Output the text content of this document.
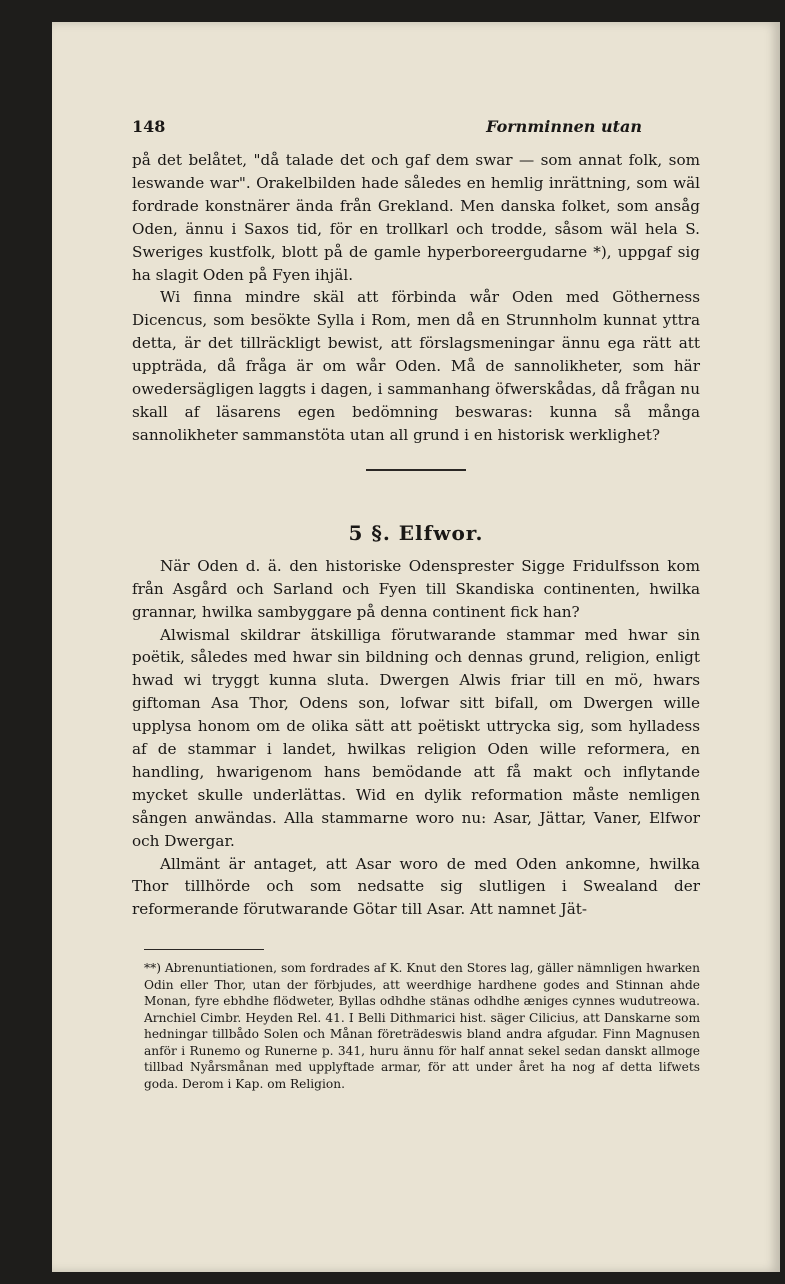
148	Fornminnen utan

på det belåtet, "då talade det och gaf dem swar — som annat folk, som leswande war". Orakelbilden hade således en hemlig inrättning, som wäl fordrade konstnärer ända från Grekland. Men danska folket, som ansåg Oden, ännu i Saxos tid, för en trollkarl och trodde, såsom wäl hela S. Sweriges kustfolk, blott på de gamle hyperboreergudarne *), uppgaf sig ha slagit Oden på Fyen ihjäl.

Wi finna mindre skäl att förbinda wår Oden med Götherness Dicencus, som besökte Sylla i Rom, men då en Strunnholm kunnat yttra detta, är det tillräckligt bewist, att förslagsmeningar ännu ega rätt att uppträda, då fråga är om wår Oden. Må de sannolikheter, som här owedersägligen laggts i dagen, i sammanhang öfwerskådas, då frågan nu skall af läsarens egen bedömning beswaras: kunna så många sannolikheter sammanstöta utan all grund i en historisk werklighet?

5 §. Elfwor.

När Oden d. ä. den historiske Odensprester Sigge Fridulfsson kom från Asgård och Sarland och Fyen till Skandiska continenten, hwilka grannar, hwilka sambyggare på denna continent fick han?

Alwismal skildrar ätskilliga förutwarande stammar med hwar sin poëtik, således med hwar sin bildning och dennas grund, religion, enligt hwad wi tryggt kunna sluta. Dwergen Alwis friar till en mö, hwars giftoman Asa Thor, Odens son, lofwar sitt bifall, om Dwergen wille upplysa honom om de olika sätt att poëtiskt uttrycka sig, som hylladess af de stammar i landet, hwilkas religion Oden wille reformera, en handling, hwarigenom hans bemödande att få makt och inflytande mycket skulle underlättas. Wid en dylik reformation måste nemligen sången anwändas. Alla stammarne woro nu: Asar, Jättar, Vaner, Elfwor och Dwergar.

Allmänt är antaget, att Asar woro de med Oden ankomne, hwilka Thor tillhörde och som nedsatte sig slutligen i Swealand der reformerande förutwarande Götar till Asar. Att namnet Jät-

**) Abrenuntiationen, som fordrades af K. Knut den Stores lag, gäller nämnligen hwarken Odin eller Thor, utan der förbjudes, att weerdhige hardhene godes and Stinnan ahde Monan, fyre ebhdhe flödweter, Byllas odhdhe stänas odhdhe æniges cynnes wudutreowa. Arnchiel Cimbr. Heyden Rel. 41. I Belli Dithmarici hist. säger Cilicius, att Danskarne som hedningar tillbådo Solen och Månan företrädeswis bland andra afgudar. Finn Magnusen anför i Runemo og Runerne p. 341, huru ännu för half annat sekel sedan danskt allmoge tillbad Nyårsmånan med upplyftade armar, för att under året ha nog af detta lifwets goda. Derom i Kap. om Religion.
